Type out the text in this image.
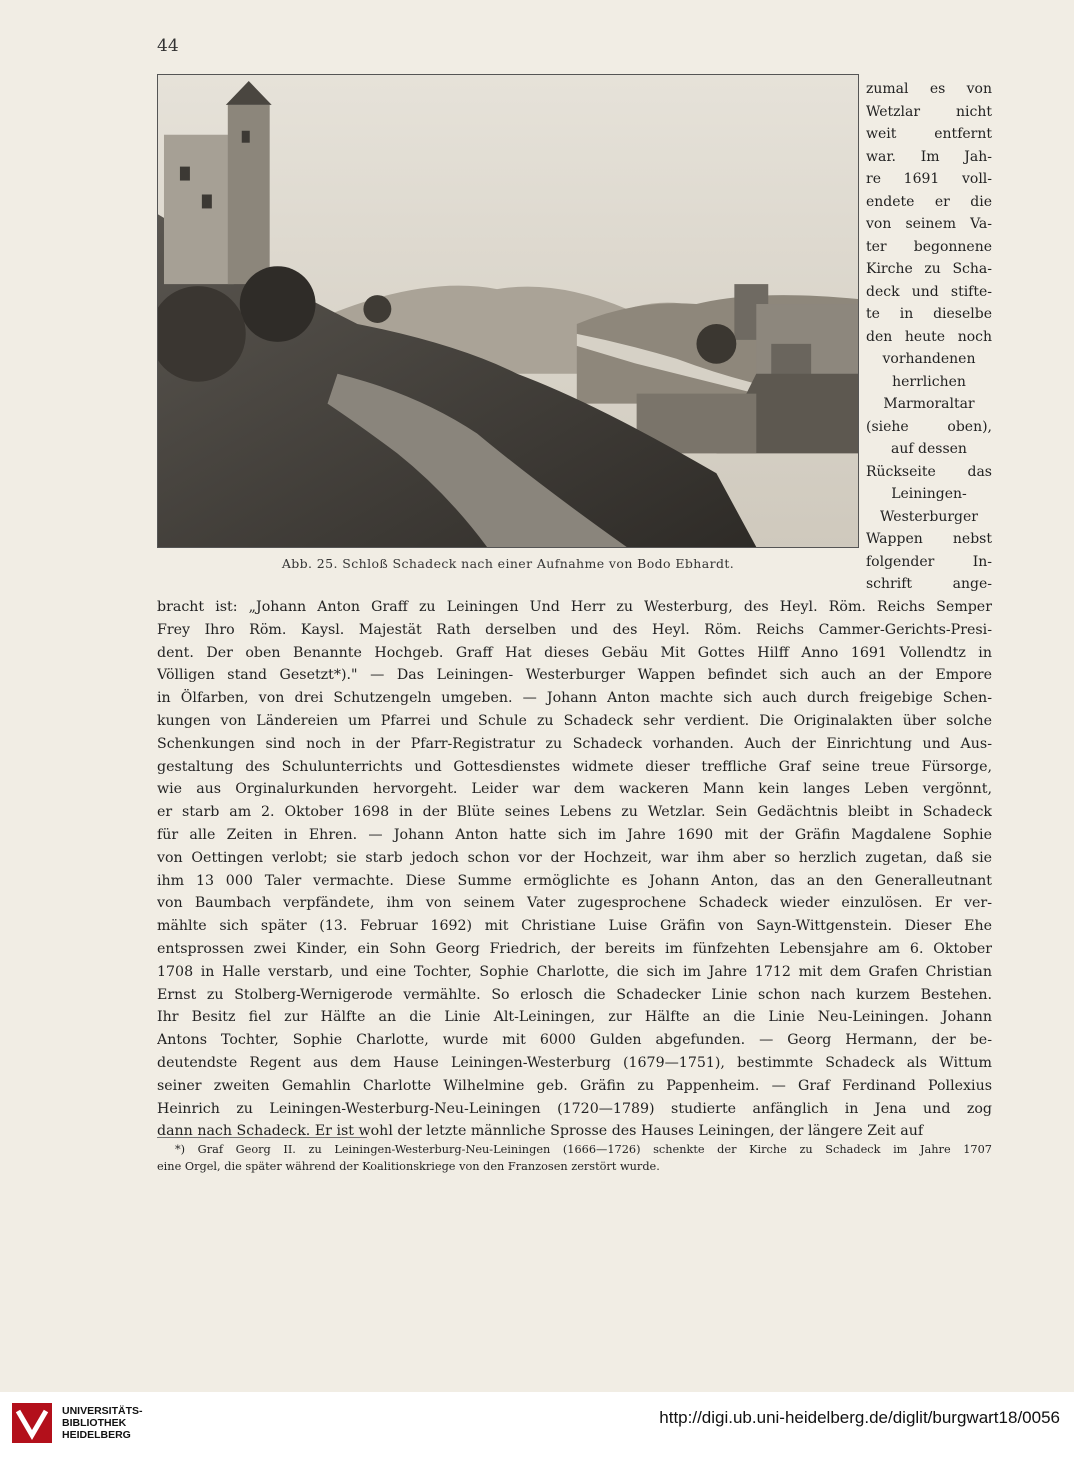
44
Abb. 25. Schloß Schadeck nach einer Aufnahme von Bodo Ebhardt.
zumal es von
Wetzlar nicht
weit entfernt
war. Im Jah-
re 1691 voll-
endete er die
von seinem Va-
ter begonnene
Kirche zu Scha-
deck und stifte-
te in dieselbe
den heute noch
vorhandenen
herrlichen
Marmoraltar
(siehe oben),
auf dessen
Rückseite das
Leiningen-
Westerburger
Wappen nebst
folgender In-
schrift ange-
bracht ist: „Johann Anton Graff zu Leiningen Und Herr zu Westerburg, des Heyl. Röm. Reichs Semper
Frey Ihro Röm. Kaysl. Majestät Rath derselben und des Heyl. Röm. Reichs Cammer-Gerichts-Presi-
dent. Der oben Benannte Hochgeb. Graff Hat dieses Gebäu Mit Gottes Hilff Anno 1691 Vollendtz in
Völligen stand Gesetzt*)." — Das Leiningen- Westerburger Wappen befindet sich auch an der Empore
in Ölfarben, von drei Schutzengeln umgeben. — Johann Anton machte sich auch durch freigebige Schen-
kungen von Ländereien um Pfarrei und Schule zu Schadeck sehr verdient. Die Originalakten über solche
Schenkungen sind noch in der Pfarr-Registratur zu Schadeck vorhanden. Auch der Einrichtung und Aus-
gestaltung des Schulunterrichts und Gottesdienstes widmete dieser treffliche Graf seine treue Fürsorge,
wie aus Orginalurkunden hervorgeht. Leider war dem wackeren Mann kein langes Leben vergönnt,
er starb am 2. Oktober 1698 in der Blüte seines Lebens zu Wetzlar. Sein Gedächtnis bleibt in Schadeck
für alle Zeiten in Ehren. — Johann Anton hatte sich im Jahre 1690 mit der Gräfin Magdalene Sophie
von Oettingen verlobt; sie starb jedoch schon vor der Hochzeit, war ihm aber so herzlich zugetan, daß sie
ihm 13 000 Taler vermachte. Diese Summe ermöglichte es Johann Anton, das an den Generalleutnant
von Baumbach verpfändete, ihm von seinem Vater zugesprochene Schadeck wieder einzulösen. Er ver-
mählte sich später (13. Februar 1692) mit Christiane Luise Gräfin von Sayn-Wittgenstein. Dieser Ehe
entsprossen zwei Kinder, ein Sohn Georg Friedrich, der bereits im fünfzehten Lebensjahre am 6. Oktober
1708 in Halle verstarb, und eine Tochter, Sophie Charlotte, die sich im Jahre 1712 mit dem Grafen Christian
Ernst zu Stolberg-Wernigerode vermählte. So erlosch die Schadecker Linie schon nach kurzem Bestehen.
Ihr Besitz fiel zur Hälfte an die Linie Alt-Leiningen, zur Hälfte an die Linie Neu-Leiningen. Johann
Antons Tochter, Sophie Charlotte, wurde mit 6000 Gulden abgefunden. — Georg Hermann, der be-
deutendste Regent aus dem Hause Leiningen-Westerburg (1679—1751), bestimmte Schadeck als Wittum
seiner zweiten Gemahlin Charlotte Wilhelmine geb. Gräfin zu Pappenheim. — Graf Ferdinand Pollexius
Heinrich zu Leiningen-Westerburg-Neu-Leiningen (1720—1789) studierte anfänglich in Jena und zog
dann nach Schadeck. Er ist wohl der letzte männliche Sprosse des Hauses Leiningen, der längere Zeit auf
*) Graf Georg II. zu Leiningen-Westerburg-Neu-Leiningen (1666—1726) schenkte der Kirche zu Schadeck im Jahre 1707
eine Orgel, die später während der Koalitionskriege von den Franzosen zerstört wurde.
UNIVERSITÄTS-
BIBLIOTHEK
HEIDELBERG
http://digi.ub.uni-heidelberg.de/diglit/burgwart18/0056
